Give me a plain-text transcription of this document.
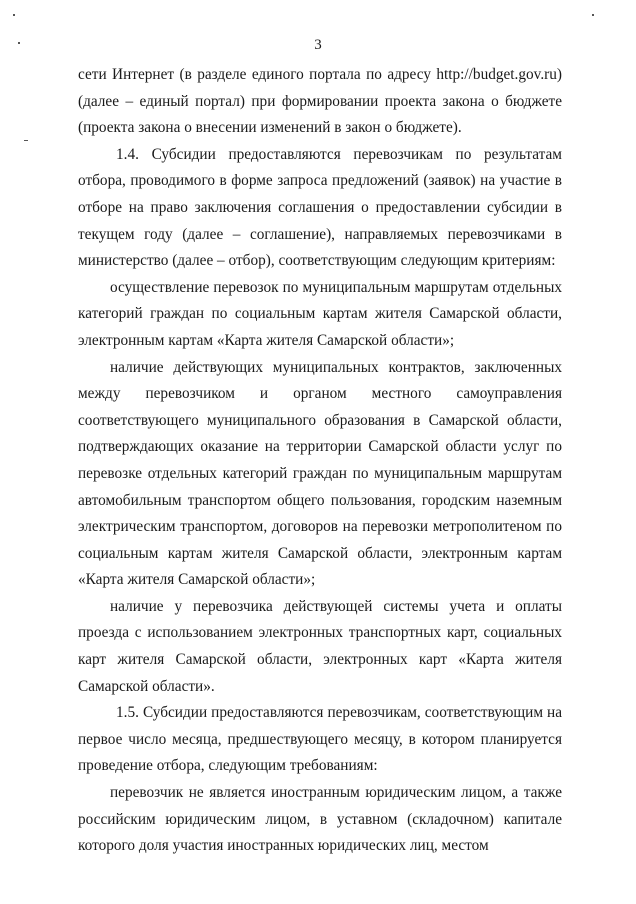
3

сети Интернет (в разделе единого портала по адресу http://budget.gov.ru) (далее – единый портал) при формировании проекта закона о бюджете (проекта закона о внесении изменений в закон о бюджете).

1.4. Субсидии предоставляются перевозчикам по результатам отбора, проводимого в форме запроса предложений (заявок) на участие в отборе на право заключения соглашения о предоставлении субсидии в текущем году (далее – соглашение), направляемых перевозчиками в министерство (далее – отбор), соответствующим следующим критериям:

осуществление перевозок по муниципальным маршрутам отдельных категорий граждан по социальным картам жителя Самарской области, электронным картам «Карта жителя Самарской области»;

наличие действующих муниципальных контрактов, заключенных между перевозчиком и органом местного самоуправления соответствующего муниципального образования в Самарской области, подтверждающих оказание на территории Самарской области услуг по перевозке отдельных категорий граждан по муниципальным маршрутам автомобильным транспортом общего пользования, городским наземным электрическим транспортом, договоров на перевозки метрополитеном по социальным картам жителя Самарской области, электронным картам «Карта жителя Самарской области»;

наличие у перевозчика действующей системы учета и оплаты проезда с использованием электронных транспортных карт, социальных карт жителя Самарской области, электронных карт «Карта жителя Самарской области».

1.5. Субсидии предоставляются перевозчикам, соответствующим на первое число месяца, предшествующего месяцу, в котором планируется проведение отбора, следующим требованиям:

перевозчик не является иностранным юридическим лицом, а также российским юридическим лицом, в уставном (складочном) капитале которого доля участия иностранных юридических лиц, местом
